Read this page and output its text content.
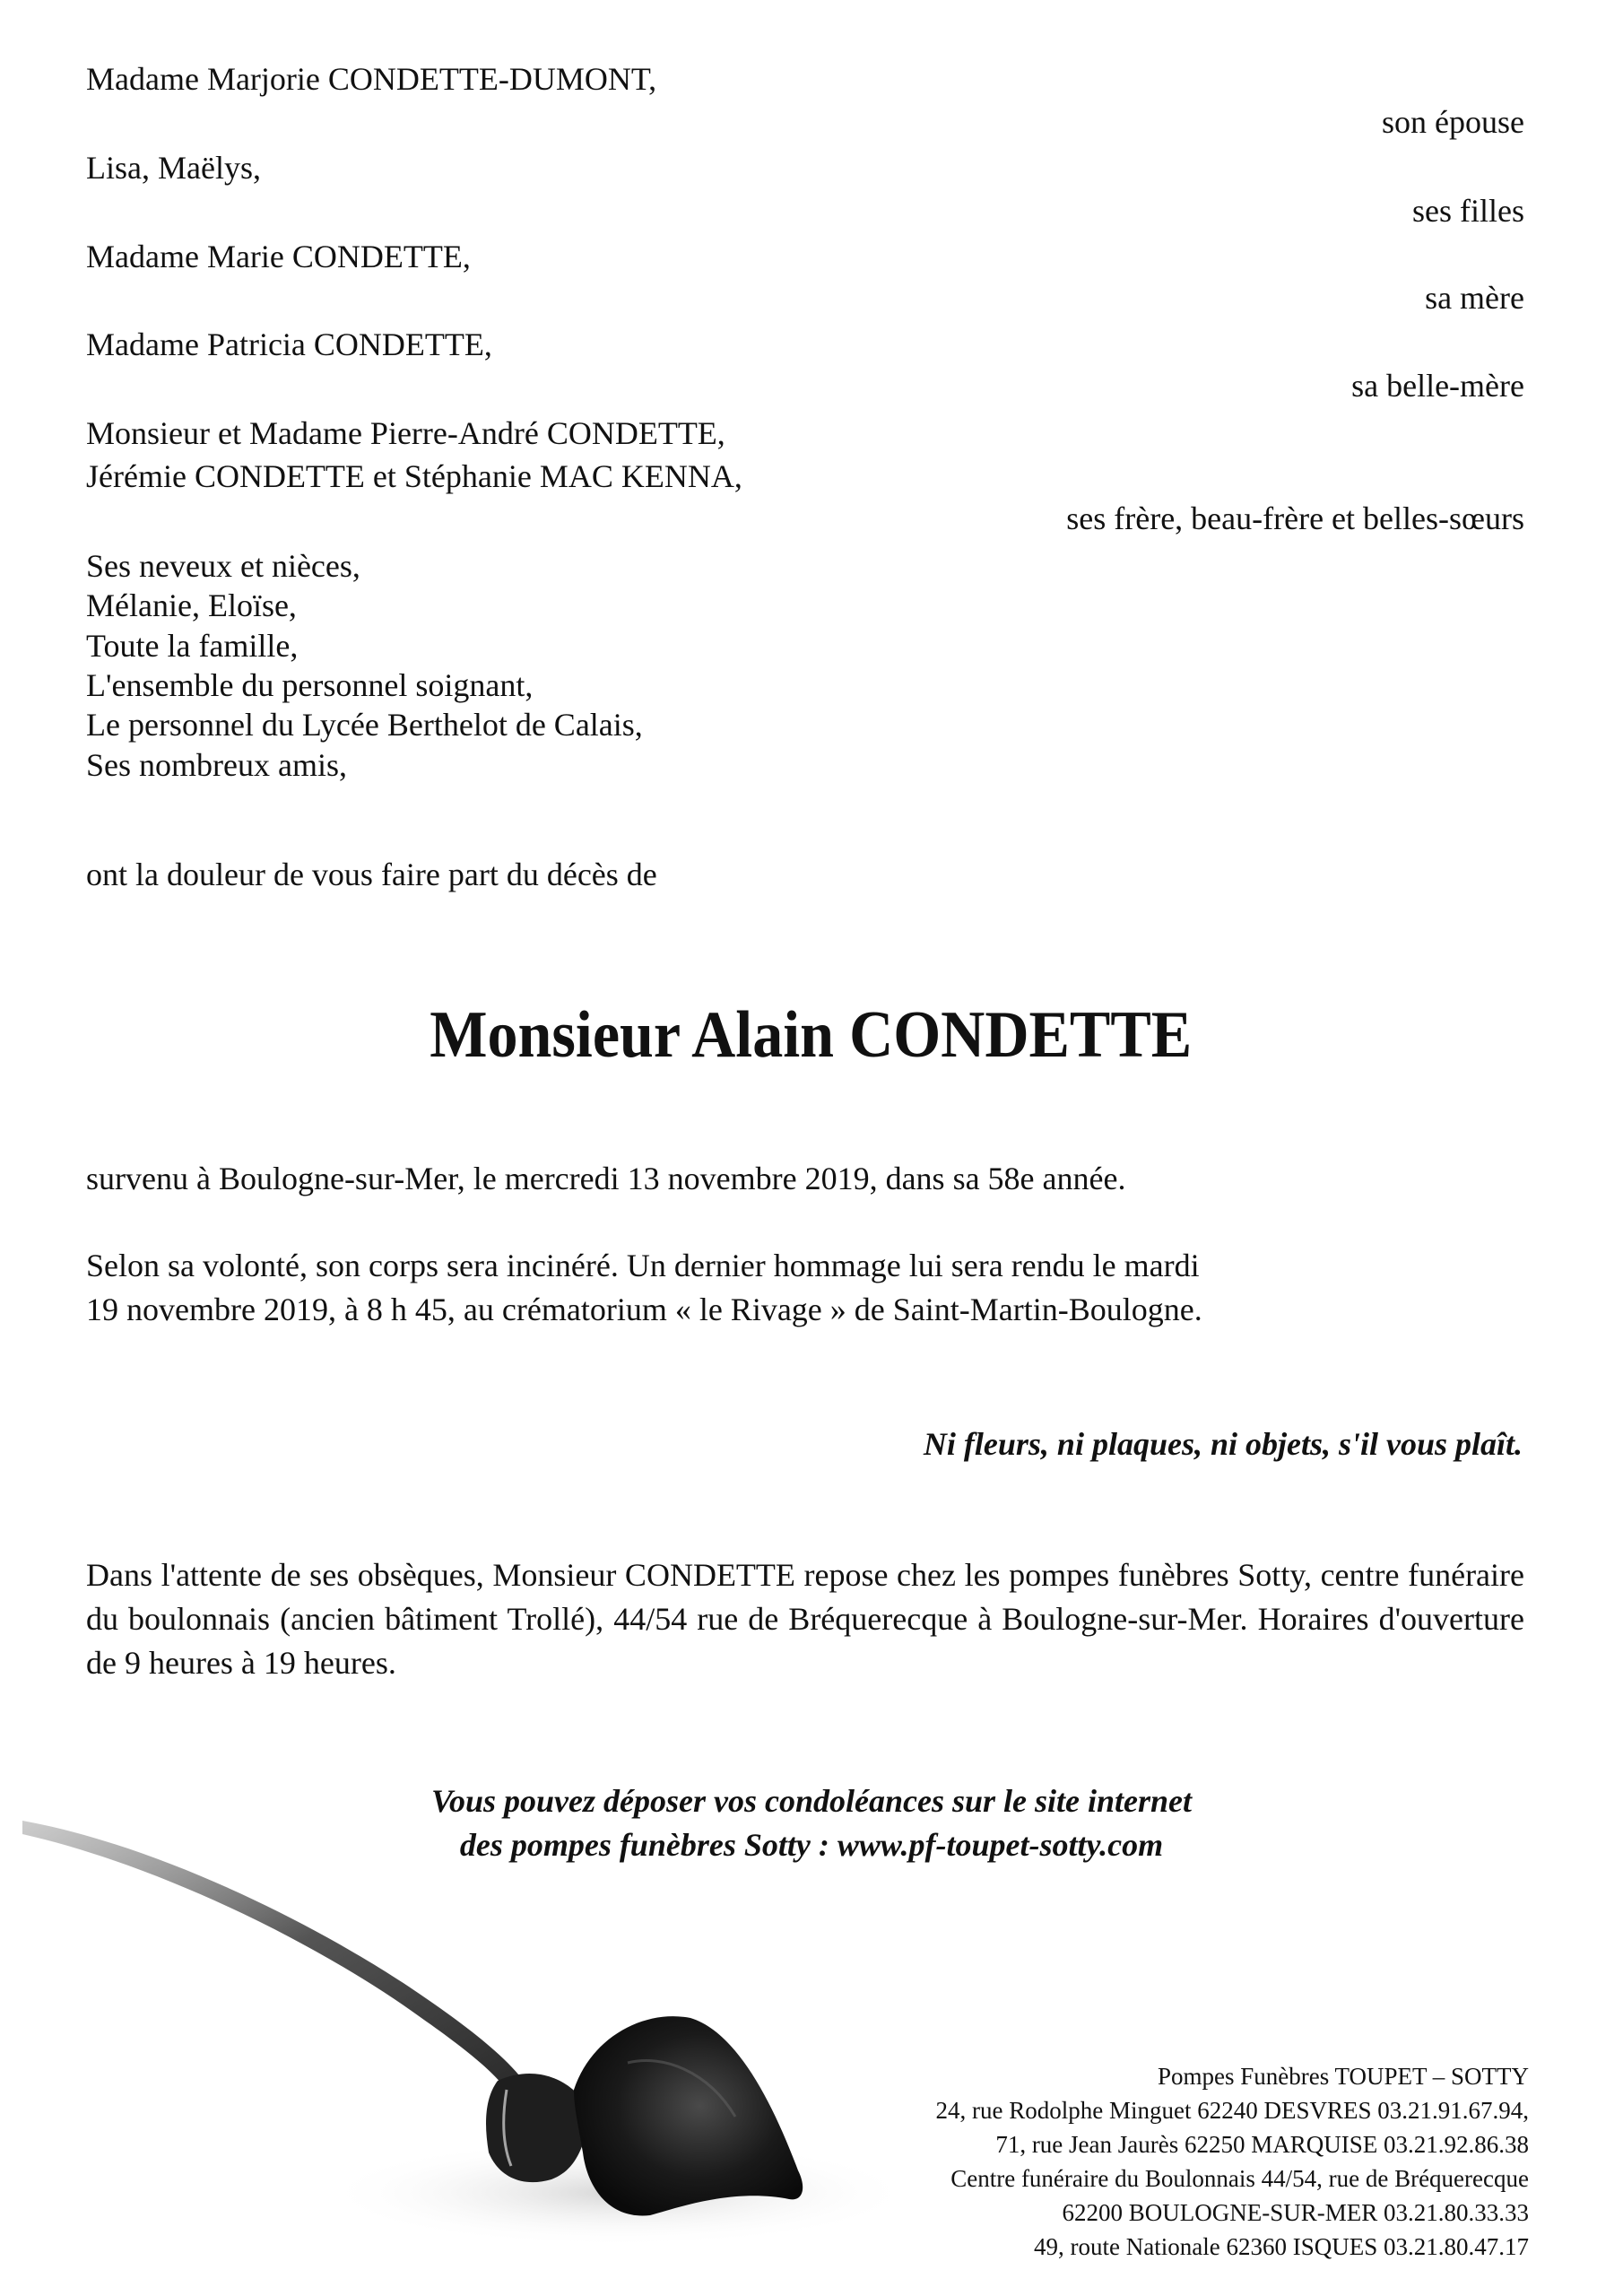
Madame Marjorie CONDETTE-DUMONT,
Lisa, Maëlys,
Madame Marie CONDETTE,
Madame Patricia CONDETTE,
Monsieur et Madame Pierre-André CONDETTE,
Jérémie CONDETTE et Stéphanie MAC KENNA,
Ses neveux et nièces,
Mélanie, Eloïse,
Toute la famille,
L'ensemble du personnel soignant,
Le personnel du Lycée Berthelot de Calais,
Ses nombreux amis,
son épouse
ses filles
sa mère
sa belle-mère
ses frère, beau-frère et belles-sœurs
ont la douleur de vous faire part du décès de
Monsieur Alain CONDETTE
survenu à Boulogne-sur-Mer, le mercredi 13 novembre 2019, dans sa 58e année.
Selon sa volonté, son corps sera incinéré. Un dernier hommage lui sera rendu le mardi
19 novembre 2019, à 8 h 45, au crématorium « le Rivage » de Saint-Martin-Boulogne.
Ni fleurs, ni plaques, ni objets, s'il vous plaît.
Dans l'attente de ses obsèques, Monsieur CONDETTE repose chez les pompes funèbres Sotty, centre funéraire du boulonnais (ancien bâtiment Trollé), 44/54 rue de Bréquerecque à Boulogne-sur-Mer. Horaires d'ouverture de 9 heures à 19 heures.
Vous pouvez déposer vos condoléances sur le site internet
des pompes funèbres Sotty : www.pf-toupet-sotty.com
Pompes Funèbres TOUPET – SOTTY
24, rue Rodolphe Minguet 62240 DESVRES 03.21.91.67.94,
71, rue Jean Jaurès 62250 MARQUISE 03.21.92.86.38
Centre funéraire du Boulonnais 44/54, rue de Bréquerecque
62200 BOULOGNE-SUR-MER 03.21.80.33.33
49, route Nationale 62360 ISQUES 03.21.80.47.17
